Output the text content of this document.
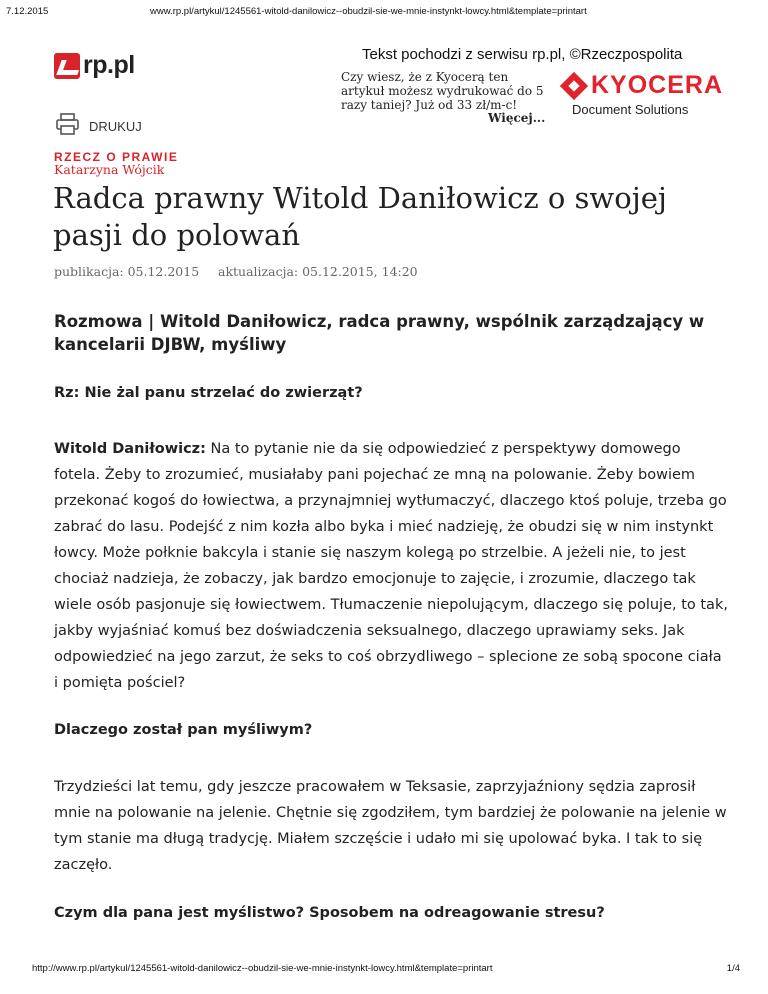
7.12.2015	www.rp.pl/artykul/1245561-witold-danilowicz--obudzil-sie-we-mnie-instynkt-lowcy.html&template=printart
rp.pl	Tekst pochodzi z serwisu rp.pl, ©Rzeczpospolita
Czy wiesz, że z Kyocerą ten artykuł możesz wydrukować do 5 razy taniej? Już od 33 zł/m-c!
Więcej...
KYOCERA
Document Solutions
DRUKUJ
RZECZ O PRAWIE
Katarzyna Wójcik
Radca prawny Witold Daniłowicz o swojej pasji do polowań
publikacja: 05.12.2015 aktualizacja: 05.12.2015, 14:20

Rozmowa | Witold Daniłowicz, radca prawny, wspólnik zarządzający w kancelarii DJBW, myśliwy

Rz: Nie żal panu strzelać do zwierząt?

Witold Daniłowicz: Na to pytanie nie da się odpowiedzieć z perspektywy domowego fotela. Żeby to zrozumieć, musiałaby pani pojechać ze mną na polowanie. Żeby bowiem przekonać kogoś do łowiectwa, a przynajmniej wytłumaczyć, dlaczego ktoś poluje, trzeba go zabrać do lasu. Podejść z nim kozła albo byka i mieć nadzieję, że obudzi się w nim instynkt łowcy. Może połknie bakcyla i stanie się naszym kolegą po strzelbie. A jeżeli nie, to jest chociaż nadzieja, że zobaczy, jak bardzo emocjonuje to zajęcie, i zrozumie, dlaczego tak wiele osób pasjonuje się łowiectwem. Tłumaczenie niepolującym, dlaczego się poluje, to tak, jakby wyjaśniać komuś bez doświadczenia seksualnego, dlaczego uprawiamy seks. Jak odpowiedzieć na jego zarzut, że seks to coś obrzydliwego – splecione ze sobą spocone ciała i pomięta pościel?

Dlaczego został pan myśliwym?

Trzydzieści lat temu, gdy jeszcze pracowałem w Teksasie, zaprzyjaźniony sędzia zaprosił mnie na polowanie na jelenie. Chętnie się zgodziłem, tym bardziej że polowanie na jelenie w tym stanie ma długą tradycję. Miałem szczęście i udało mi się upolować byka. I tak to się zaczęło.

Czym dla pana jest myślistwo? Sposobem na odreagowanie stresu?

http://www.rp.pl/artykul/1245561-witold-danilowicz--obudzil-sie-we-mnie-instynkt-lowcy.html&template=printart	1/4
